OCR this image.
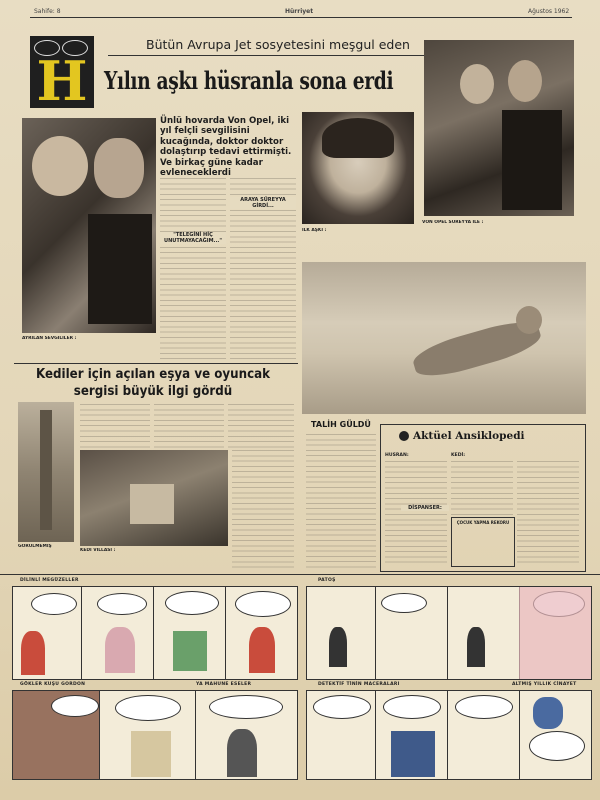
Sahife: 8	Hürriyet	Ağustos 1962
H
Bütün Avrupa Jet sosyetesini meşgul eden
Yılın aşkı hüsranla sona erdi
AYRILAN SEVGİLİLER :
Ünlü hovarda Von Opel, iki yıl felçli sevgilisini kucağında, doktor doktor dolaştırıp tedavi ettirmişti. Ve birkaç güne kadar evleneceklerdi

"TELEGİNİ HİÇ UNUTMAYACAĞIM..."
ARAYA SÜREYYA GİRDİ...
İLK AŞKI :
VON OPEL SÜREYYA İLE :
Kediler için açılan eşya ve oyuncak sergisi büyük ilgi gördü
GÖRÜLMEMİŞ
KEDİ VİLLASI :
TALİH GÜLDÜ
Aktüel Ansiklopedi
HUSRAN:	KEDİ:
DİSPANSER:
ÇOCUK YAPMA REKORU
DİLİNLİ MEGÜZELLER	PATOŞ
GÖKLER KUŞU GORDON	YA MAHUNE ESELER	DETEKTİF TİNİN MACERALARI	ALTMIŞ YILLIK CİNAYET
